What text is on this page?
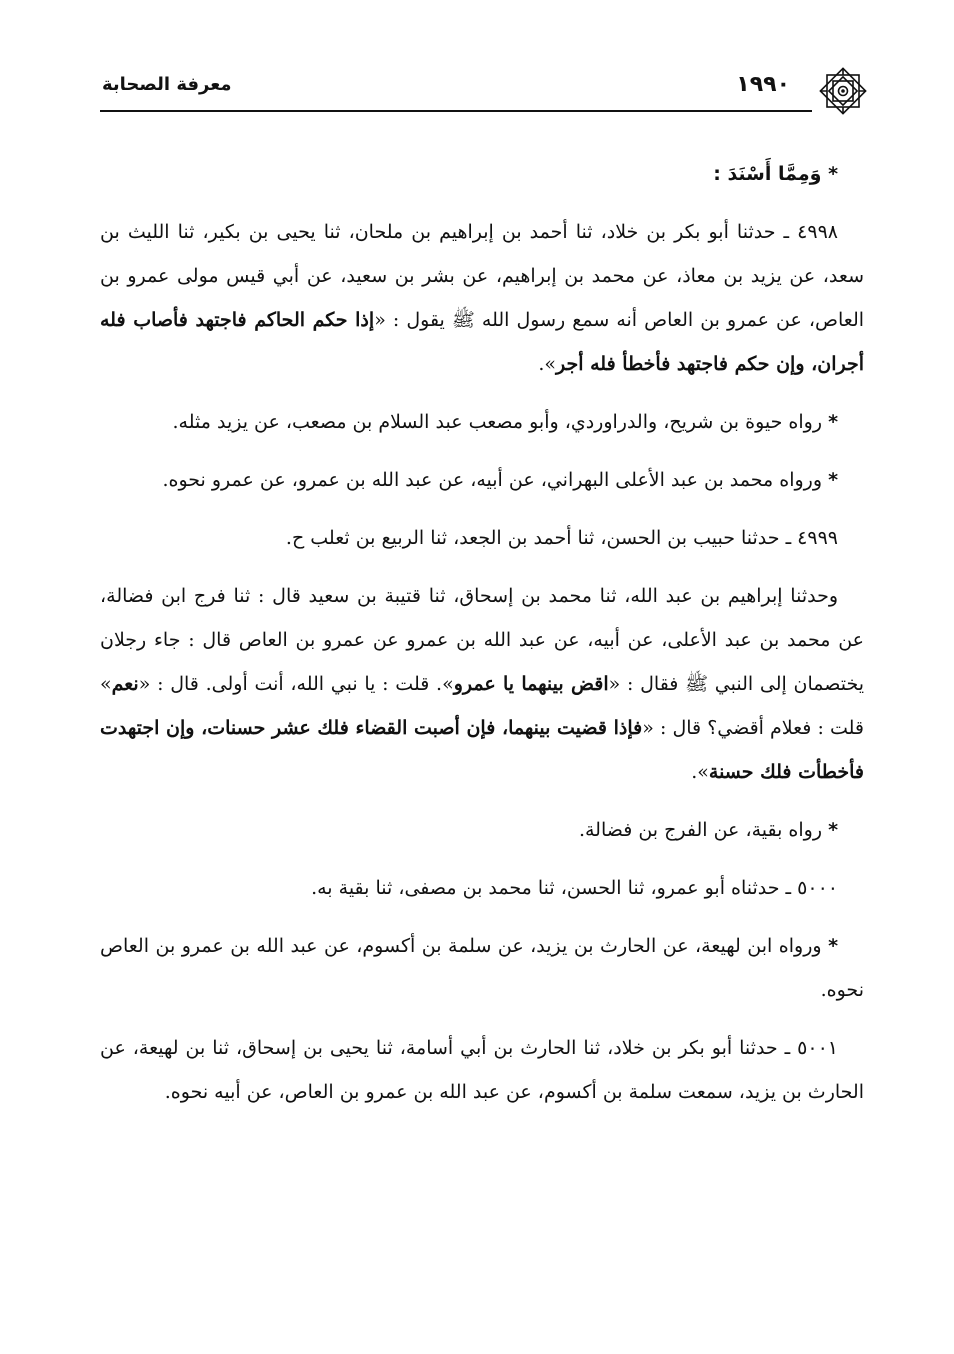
١٩٩٠
معرفة الصحابة

* وَمِمَّا أَسْنَدَ :

٤٩٩٨ ـ حدثنا أبو بكر بن خلاد، ثنا أحمد بن إبراهيم بن ملحان، ثنا يحيى بن بكير، ثنا الليث بن سعد، عن يزيد بن معاذ، عن محمد بن إبراهيم، عن بشر بن سعيد، عن أبي قيس مولى عمرو بن العاص، عن عمرو بن العاص أنه سمع رسول الله ﷺ يقول : «إذا حكم الحاكم فاجتهد فأصاب فله أجران، وإن حكم فاجتهد فأخطأ فله أجر».

* رواه حيوة بن شريح، والدراوردي، وأبو مصعب عبد السلام بن مصعب، عن يزيد مثله.

* ورواه محمد بن عبد الأعلى البهراني، عن أبيه، عن عبد الله بن عمرو، عن عمرو نحوه.

٤٩٩٩ ـ حدثنا حبيب بن الحسن، ثنا أحمد بن الجعد، ثنا الربيع بن ثعلب ح.

وحدثنا إبراهيم بن عبد الله، ثنا محمد بن إسحاق، ثنا قتيبة بن سعيد قال : ثنا فرج ابن فضالة، عن محمد بن عبد الأعلى، عن أبيه، عن عبد الله بن عمرو عن عمرو بن العاص قال : جاء رجلان يختصمان إلى النبي ﷺ فقال : «اقض بينهما يا عمرو». قلت : يا نبي الله، أنت أولى. قال : «نعم» قلت : فعلام أقضي؟ قال : «فإذا قضيت بينهما، فإن أصبت القضاء فلك عشر حسنات، وإن اجتهدت فأخطأت فلك حسنة».

* رواه بقية، عن الفرج بن فضالة.

٥٠٠٠ ـ حدثناه أبو عمرو، ثنا الحسن، ثنا محمد بن مصفى، ثنا بقية به.

* ورواه ابن لهيعة، عن الحارث بن يزيد، عن سلمة بن أكسوم، عن عبد الله بن عمرو بن العاص نحوه.

٥٠٠١ ـ حدثنا أبو بكر بن خلاد، ثنا الحارث بن أبي أسامة، ثنا يحيى بن إسحاق، ثنا بن لهيعة، عن الحارث بن يزيد، سمعت سلمة بن أكسوم، عن عبد الله بن عمرو بن العاص، عن أبيه نحوه.
